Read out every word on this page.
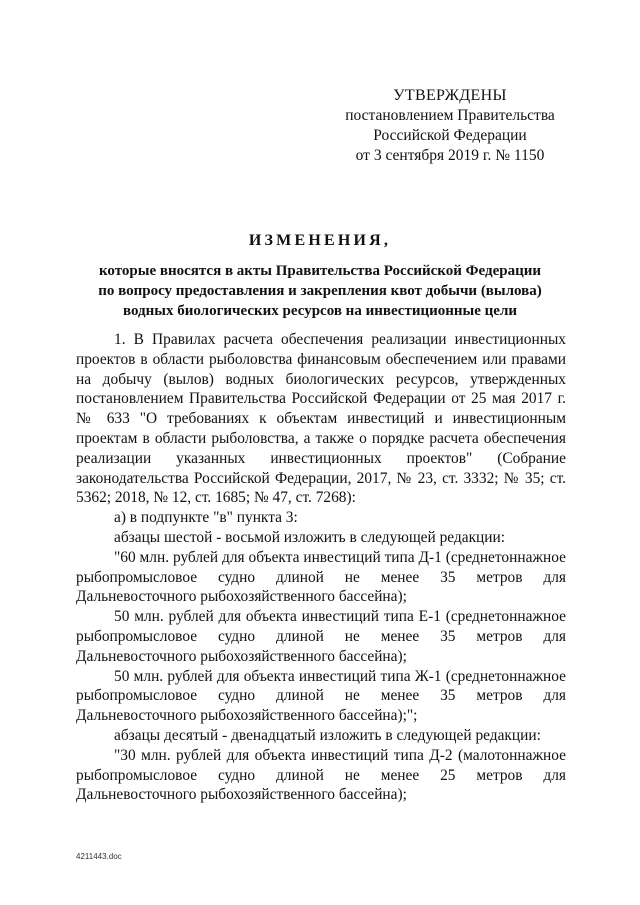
УТВЕРЖДЕНЫ
постановлением Правительства
Российской Федерации
от 3 сентября 2019 г. № 1150
ИЗМЕНЕНИЯ,
которые вносятся в акты Правительства Российской Федерации
по вопросу предоставления и закрепления квот добычи (вылова)
водных биологических ресурсов на инвестиционные цели

1. В Правилах расчета обеспечения реализации инвестиционных проектов в области рыболовства финансовым обеспечением или правами на добычу (вылов) водных биологических ресурсов, утвержденных постановлением Правительства Российской Федерации от 25 мая 2017 г. № 633 "О требованиях к объектам инвестиций и инвестиционным проектам в области рыболовства, а также о порядке расчета обеспечения реализации указанных инвестиционных проектов" (Собрание законодательства Российской Федерации, 2017, № 23, ст. 3332; № 35; ст. 5362; 2018, № 12, ст. 1685; № 47, ст. 7268):

а) в подпункте "в" пункта 3:

абзацы шестой - восьмой изложить в следующей редакции:

"60 млн. рублей для объекта инвестиций типа Д-1 (среднетоннажное рыбопромысловое судно длиной не менее 35 метров для Дальневосточного рыбохозяйственного бассейна);

50 млн. рублей для объекта инвестиций типа Е-1 (среднетоннажное рыбопромысловое судно длиной не менее 35 метров для Дальневосточного рыбохозяйственного бассейна);

50 млн. рублей для объекта инвестиций типа Ж-1 (среднетоннажное рыбопромысловое судно длиной не менее 35 метров для Дальневосточного рыбохозяйственного бассейна);";

абзацы десятый - двенадцатый изложить в следующей редакции:

"30 млн. рублей для объекта инвестиций типа Д-2 (малотоннажное рыбопромысловое судно длиной не менее 25 метров для Дальневосточного рыбохозяйственного бассейна);

4211443.doc
